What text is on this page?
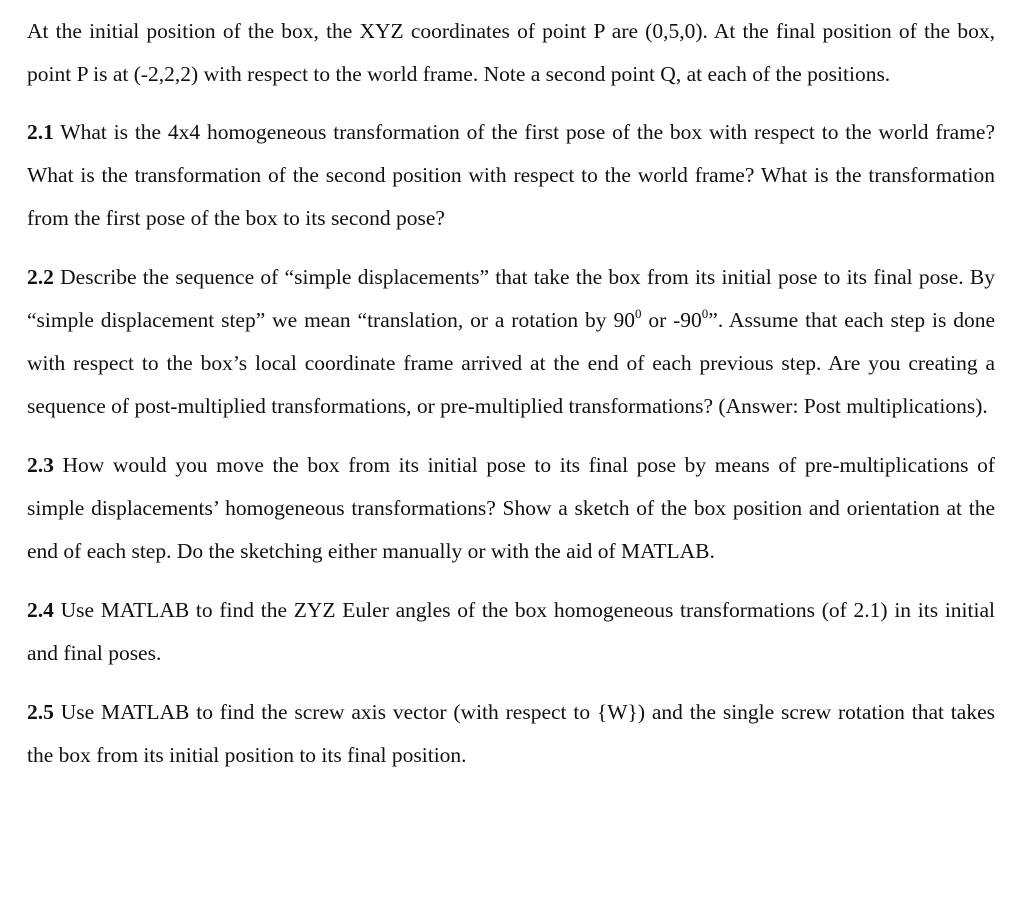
At the initial position of the box, the XYZ coordinates of point P are (0,5,0). At the final position of the box, point P is at (-2,2,2) with respect to the world frame. Note a second point Q, at each of the positions.

2.1 What is the 4x4 homogeneous transformation of the first pose of the box with respect to the world frame? What is the transformation of the second position with respect to the world frame? What is the transformation from the first pose of the box to its second pose?

2.2 Describe the sequence of “simple displacements” that take the box from its initial pose to its final pose. By “simple displacement step” we mean “translation, or a rotation by $90^0$ or $-90^0$”. Assume that each step is done with respect to the box’s local coordinate frame arrived at the end of each previous step. Are you creating a sequence of post-multiplied transformations, or pre-multiplied transformations? (Answer: Post multiplications).

2.3 How would you move the box from its initial pose to its final pose by means of pre-multiplications of simple displacements’ homogeneous transformations? Show a sketch of the box position and orientation at the end of each step. Do the sketching either manually or with the aid of MATLAB.

2.4 Use MATLAB to find the ZYZ Euler angles of the box homogeneous transformations (of 2.1) in its initial and final poses.

2.5 Use MATLAB to find the screw axis vector (with respect to {W}) and the single screw rotation that takes the box from its initial position to its final position.
